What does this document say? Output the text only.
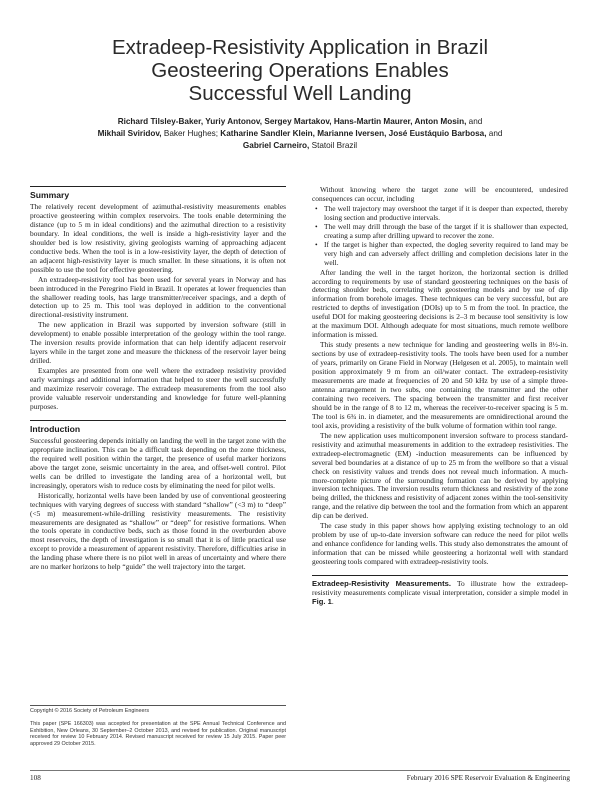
Extradeep-Resistivity Application in Brazil
Geosteering Operations Enables
Successful Well Landing
Richard Tilsley-Baker, Yuriy Antonov, Sergey Martakov, Hans-Martin Maurer, Anton Mosin, and
Mikhail Sviridov, Baker Hughes; Katharine Sandler Klein, Marianne Iversen, José Eustáquio Barbosa, and
Gabriel Carneiro, Statoil Brazil
Summary

The relatively recent development of azimuthal-resistivity measurements enables proactive geosteering within complex reservoirs. The tools enable determining the distance (up to 5 m in ideal conditions) and the azimuthal direction to a resistivity boundary. In ideal conditions, the well is inside a high-resistivity layer and the shoulder bed is low resistivity, giving geologists warning of approaching adjacent conductive beds. When the tool is in a low-resistivity layer, the depth of detection of an adjacent high-resistivity layer is much smaller. In these situations, it is often not possible to use the tool for effective geosteering.

An extradeep-resistivity tool has been used for several years in Norway and has been introduced in the Peregrino Field in Brazil. It operates at lower frequencies than the shallower reading tools, has large transmitter/receiver spacings, and a depth of detection up to 25 m. This tool was deployed in addition to the conventional directional-resistivity instrument.

The new application in Brazil was supported by inversion software (still in development) to enable possible interpretation of the geology within the tool range. The inversion results provide information that can help identify adjacent reservoir layers while in the target zone and measure the thickness of the reservoir layer being drilled.

Examples are presented from one well where the extradeep resistivity provided early warnings and additional information that helped to steer the well successfully and maximize reservoir coverage. The extradeep measurements from the tool also provide valuable reservoir understanding and knowledge for future well-planning purposes.

Introduction

Successful geosteering depends initially on landing the well in the target zone with the appropriate inclination. This can be a difficult task depending on the zone thickness, the required well position within the target, the presence of useful marker horizons above the target zone, seismic uncertainty in the area, and offset-well control. Pilot wells can be drilled to investigate the landing area of a horizontal well, but increasingly, operators wish to reduce costs by eliminating the need for pilot wells.

Historically, horizontal wells have been landed by use of conventional geosteering techniques with varying degrees of success with standard “shallow” (<3 m) to “deep” (<5 m) measurement-while-drilling resistivity measurements. The resistivity measurements are designated as “shallow” or “deep” for resistive formations. When the tools operate in conductive beds, such as those found in the overburden above most reservoirs, the depth of investigation is so small that it is of little practical use except to provide a measurement of apparent resistivity. Therefore, difficulties arise in the landing phase where there is no pilot well in areas of uncertainty and where there are no marker horizons to help “guide” the well trajectory into the target.

Without knowing where the target zone will be encountered, undesired consequences can occur, including

• The well trajectory may overshoot the target if it is deeper than expected, thereby losing section and productive intervals.
• The well may drill through the base of the target if it is shallower than expected, creating a sump after drilling upward to recover the zone.
• If the target is higher than expected, the dogleg severity required to land may be very high and can adversely affect drilling and completion decisions later in the well.

After landing the well in the target horizon, the horizontal section is drilled according to requirements by use of standard geosteering techniques on the basis of detecting shoulder beds, correlating with geosteering models and by use of dip information from borehole images. These techniques can be very successful, but are restricted to depths of investigation (DOIs) up to 5 m from the tool. In practice, the useful DOI for making geosteering decisions is 2–3 m because tool sensitivity is low at the maximum DOI. Although adequate for most situations, much remote wellbore information is missed.

This study presents a new technique for landing and geosteering wells in 8½-in. sections by use of extradeep-resistivity tools. The tools have been used for a number of years, primarily on Grane Field in Norway (Helgesen et al. 2005), to maintain well position approximately 9 m from an oil/water contact. The extradeep-resistivity measurements are made at frequencies of 20 and 50 kHz by use of a simple three-antenna arrangement in two subs, one containing the transmitter and the other containing two receivers. The spacing between the transmitter and first receiver should be in the range of 8 to 12 m, whereas the receiver-to-receiver spacing is 5 m. The tool is 6¾ in. in diameter, and the measurements are omnidirectional around the tool axis, providing a resistivity of the bulk volume of formation within tool range.

The new application uses multicomponent inversion software to process standard-resistivity and azimuthal measurements in addition to the extradeep resistivities. The extradeep-electromagnetic (EM) -induction measurements can be influenced by several bed boundaries at a distance of up to 25 m from the wellbore so that a visual check on resistivity values and trends does not reveal much information. A much-more-complete picture of the surrounding formation can be derived by applying inversion techniques. The inversion results return thickness and resistivity of the zone being drilled, the thickness and resistivity of adjacent zones within the tool-sensitivity range, and the relative dip between the tool and the formation from which an apparent dip can be derived.

The case study in this paper shows how applying existing technology to an old problem by use of up-to-date inversion software can reduce the need for pilot wells and enhance confidence for landing wells. This study also demonstrates the amount of information that can be missed while geosteering a horizontal well with standard geosteering tools compared with extradeep-resistivity tools.

Extradeep-Resistivity Measurements. To illustrate how the extradeep-resistivity measurements complicate visual interpretation, consider a simple model in Fig. 1.

Copyright © 2016 Society of Petroleum Engineers
This paper (SPE 166303) was accepted for presentation at the SPE Annual Technical Conference and Exhibition, New Orleans, 30 September–2 October 2013, and revised for publication. Original manuscript received for review 10 February 2014. Revised manuscript received for review 15 July 2015. Paper peer approved 29 October 2015.
108	February 2016 SPE Reservoir Evaluation & Engineering
